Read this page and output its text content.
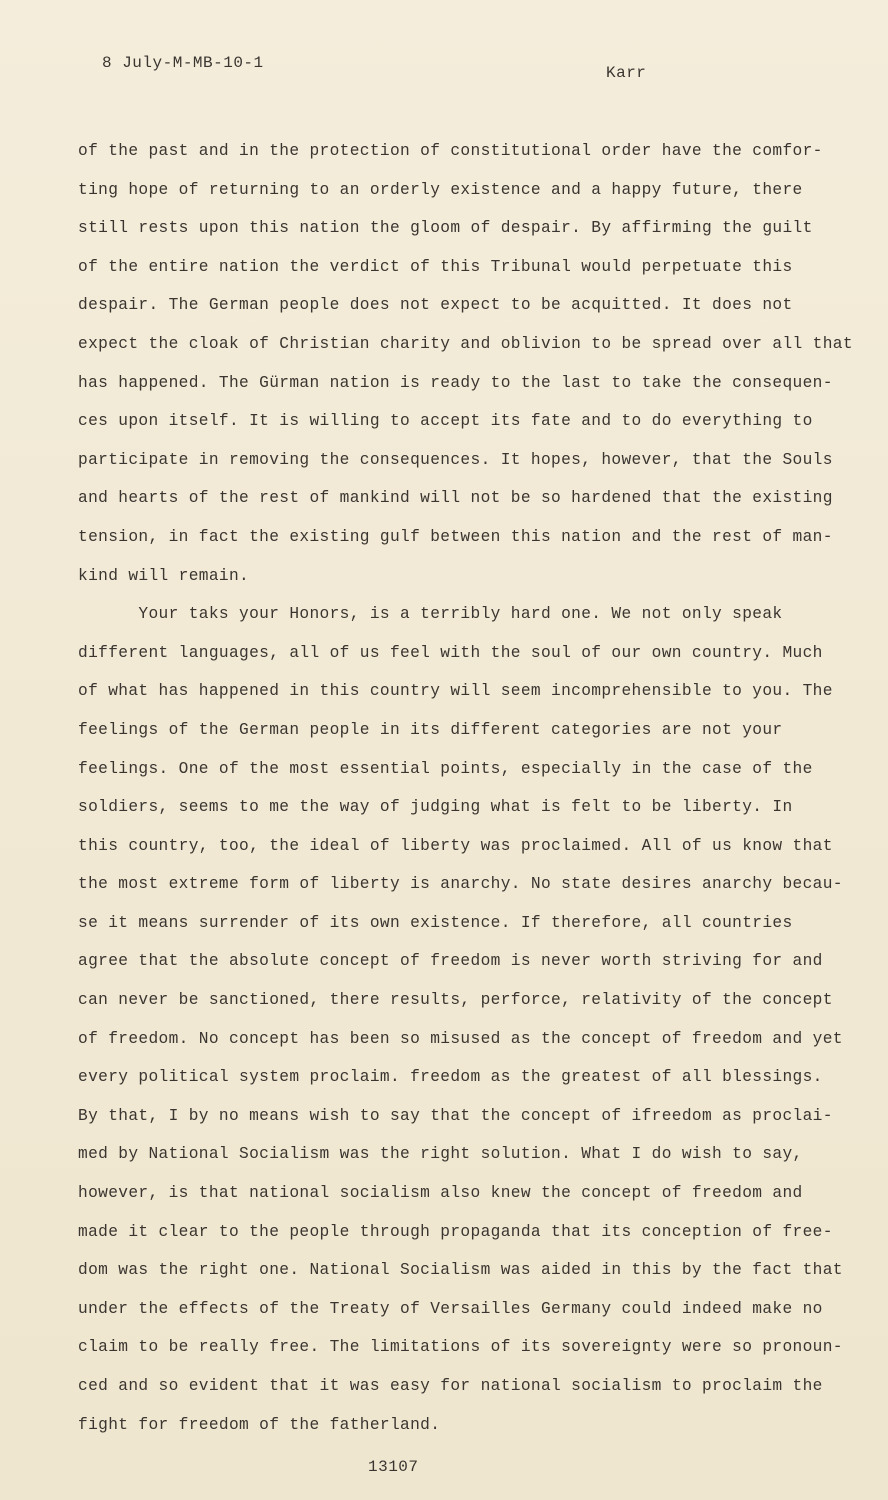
8 July-M-MB-10-1
Karr
of the past and in the protection of constitutional order have the comfor-
ting hope of returning to an orderly existence and a happy future, there
still rests upon this nation the gloom of despair. By affirming the guilt
of the entire nation the verdict of this Tribunal would perpetuate this
despair. The German people does not expect to be acquitted. It does not
expect the cloak of Christian charity and oblivion to be spread over all that
has happened. The Gürman nation is ready to the last to take the consequen-
ces upon itself. It is willing to accept its fate and to do everything to
participate in removing the consequences. It hopes, however, that the Souls
and hearts of the rest of mankind will not be so hardened that the existing
tension, in fact the existing gulf between this nation and the rest of man-
kind will remain.
Your taks your Honors, is a terribly hard one. We not only speak
different languages, all of us feel with the soul of our own country. Much
of what has happened in this country will seem incomprehensible to you. The
feelings of the German people in its different categories are not your
feelings. One of the most essential points, especially in the case of the
soldiers, seems to me the way of judging what is felt to be liberty. In
this country, too, the ideal of liberty was proclaimed. All of us know that
the most extreme form of liberty is anarchy. No state desires anarchy becau-
se it means surrender of its own existence. If therefore, all countries
agree that the absolute concept of freedom is never worth striving for and
can never be sanctioned, there results, perforce, relativity of the concept
of freedom. No concept has been so misused as the concept of freedom and yet
every political system proclaim. freedom as the greatest of all blessings.
By that, I by no means wish to say that the concept of ifreedom as proclai-
med by National Socialism was the right solution. What I do wish to say,
however, is that national socialism also knew the concept of freedom and
made it clear to the people through propaganda that its conception of free-
dom was the right one. National Socialism was aided in this by the fact that
under the effects of the Treaty of Versailles Germany could indeed make no
claim to be really free. The limitations of its sovereignty were so pronoun-
ced and so evident that it was easy for national socialism to proclaim the
fight for freedom of the fatherland.
13107
